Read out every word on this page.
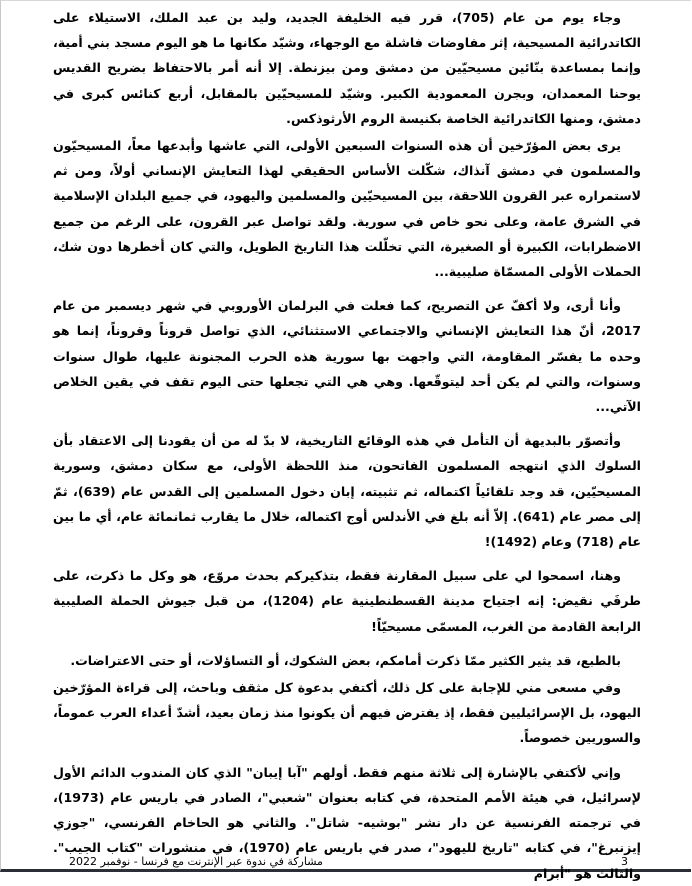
وجاء يوم من عام (705)، قرر فيه الخليفة الجديد، وليد بن عبد الملك، الاستيلاء على الكاتدرائية المسيحية، إثر مفاوضات فاشلة مع الوجهاء، وشيّد مكانها ما هو اليوم مسجد بني أمية، وإنما بمساعدة بنّائين مسيحيّين من دمشق ومن بيزنطة. إلا أنه أمر بالاحتفاظ بضريح القديس يوحنا المعمدان، وبجرن المعمودية الكبير. وشيّد للمسيحيّين بالمقابل، أربع كنائس كبرى في دمشق، ومنها الكاتدرائية الخاصة بكنيسة الروم الأرثوذكس.

يرى بعض المؤرّخين أن هذه السنوات السبعين الأولى، التي عاشها وأبدعها معاً، المسيحيّون والمسلمون في دمشق آنذاك، شكّلت الأساس الحقيقي لهذا التعايش الإنساني أولاً، ومن ثم لاستمراره عبر القرون اللاحقة، بين المسيحيّين والمسلمين واليهود، في جميع البلدان الإسلامية في الشرق عامة، وعلى نحو خاص في سورية. ولقد تواصل عبر القرون، على الرغم من جميع الاضطرابات، الكبيرة أو الصغيرة، التي تخلّلت هذا التاريخ الطويل، والتي كان أخطرها دون شك، الحملات الأولى المسمّاة صليبية...

وأنا أرى، ولا أكفّ عن التصريح، كما فعلت في البرلمان الأوروبي في شهر ديسمبر من عام 2017، أنّ هذا التعايش الإنساني والاجتماعي الاستثنائي، الذي تواصل قروناً وقروناً، إنما هو وحده ما يفسّر المقاومة، التي واجهت بها سورية هذه الحرب المجنونة عليها، طوال سنوات وسنوات، والتي لم يكن أحد ليتوقّعها. وهي هي التي تجعلها حتى اليوم تقف في يقين الخلاص الآتي...

وأتصوّر بالبديهة أن التأمل في هذه الوقائع التاريخية، لا بدّ له من أن يقودنا إلى الاعتقاد بأن السلوك الذي انتهجه المسلمون الفاتحون، منذ اللحظة الأولى، مع سكان دمشق، وسورية المسيحيّين، قد وجد تلقائياً اكتماله، ثم تثبيته، إبان دخول المسلمين إلى القدس عام (639)، ثمّ إلى مصر عام (641). إلاّ أنه بلغ في الأندلس أوج اكتماله، خلال ما يقارب ثمانمائة عام، أي ما بين عام (718) وعام (1492)!

وهنا، اسمحوا لي على سبيل المقارنة فقط، بتذكيركم بحدث مروّع، هو وكل ما ذكرت، على طرفَي نقيض: إنه اجتياح مدينة القسطنطينية عام (1204)، من قبل جيوش الحملة الصليبية الرابعة القادمة من الغرب، المسمّى مسيحيّاً!

بالطبع، قد يثير الكثير ممّا ذكرت أمامكم، بعض الشكوك، أو التساؤلات، أو حتى الاعتراضات.

وفي مسعى مني للإجابة على كل ذلك، أكتفي بدعوة كل مثقف وباحث، إلى قراءة المؤرّخين اليهود، بل الإسرائيليين فقط، إذ يفترض فيهم أن يكونوا منذ زمان بعيد، أشدّ أعداء العرب عموماً، والسوريين خصوصاً.

وإني لأكتفي بالإشارة إلى ثلاثة منهم فقط. أولهم "آبا إيبان" الذي كان المندوب الدائم الأول لإسرائيل، في هيئة الأمم المتحدة، في كتابه بعنوان "شعبي"، الصادر في باريس عام (1973)، في ترجمته الفرنسية عن دار نشر "بوشيه- شاتل". والثاني هو الحاخام الفرنسي، "جوزي إيزنبرغ"، في كتابه "تاريخ لليهود"، صدر في باريس عام (1970)، في منشورات "كتاب الجيب". والثالث هو "أبرام

3
مشاركة في ندوة عبر الإنترنت مع فرنسا - نوفمبر 2022
